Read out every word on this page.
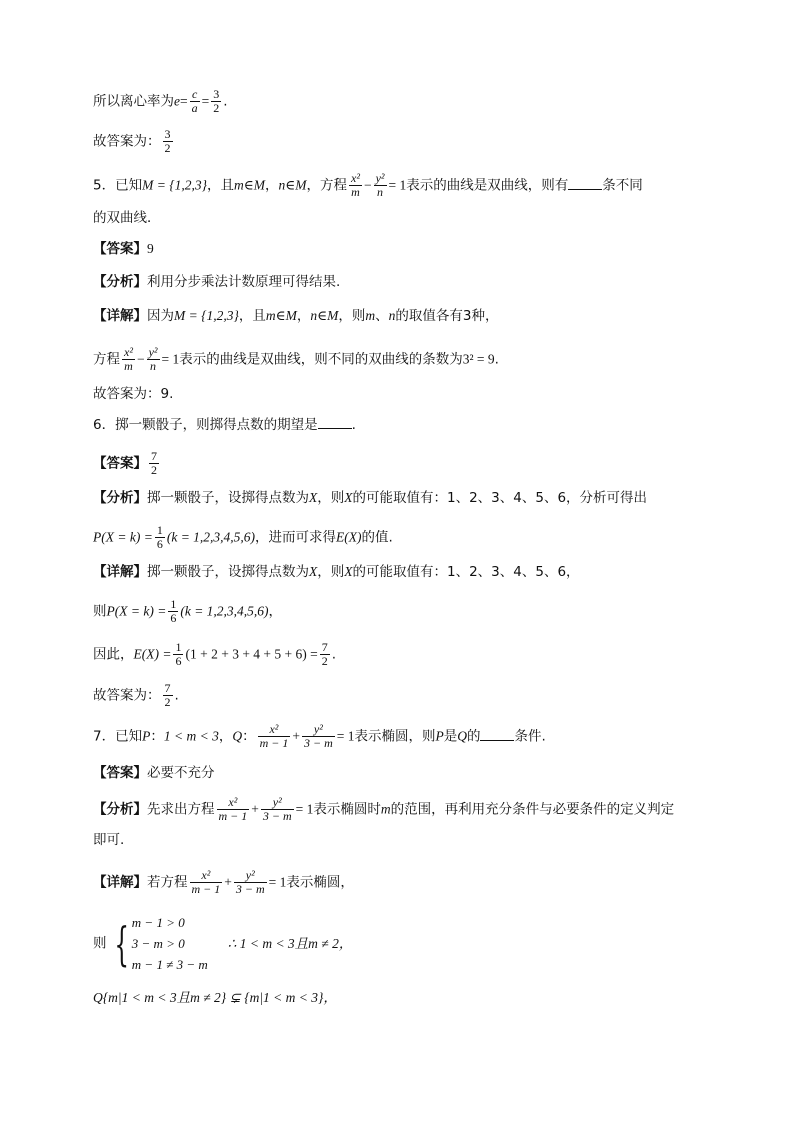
所以离心率为$e= \frac{c}{a} = \frac{3}{2}$ .
故答案为： $\frac{3}{2}$
5．已知M = {1,2,3}，且m∈M，n∈M，方程 $\frac{\text{x²}}{m} - \frac{\text{y²}}{n} = 1$表示的曲线是双曲线，则有	条不同
的双曲线．
【答案】9
【分析】利用分步乘法计数原理可得结果.
【详解】因为M = {1,2,3}，且m∈M，n∈M，则m、n的取值各有3种，
方程 $\frac{\text{x²}}{m} - \frac{\text{y²}}{n} = 1$表示的曲线是双曲线，则不同的双曲线的条数为3² = 9.
故答案为：9.
6．掷一颗骰子，则掷得点数的期望是	.
【答案】 $\frac{7}{2}$
【分析】掷一颗骰子，设掷得点数为X，则X的可能取值有：1、2、3、4、5、6，分析可得出
$P(X = k) = \frac{1}{6} (k = 1,2,3,4,5,6)$，进而可求得E(X)的值.
【详解】掷一颗骰子，设掷得点数为X，则X的可能取值有：1、2、3、4、5、6，
则$P(X = k) = \frac{1}{6} (k = 1,2,3,4,5,6)$，
因此，$E(X) = \frac{1}{6} (1 + 2 + 3 + 4 + 5 + 6) = \frac{7}{2}$ .
故答案为： $\frac{7}{2}$ .
7．已知P：1 < m < 3，Q： $\frac{\text{x²}}{m - 1} + \frac{\text{y²}}{3 - m} = 1$表示椭圆，则P是Q的	条件.
【答案】必要不充分
【分析】先求出方程 $\frac{\text{x²}}{m - 1} + \frac{\text{y²}}{3 - m} = 1$表示椭圆时m的范围，再利用充分条件与必要条件的定义判定
即可.
【详解】若方程 $\frac{\text{x²}}{m - 1} + \frac{\text{y²}}{3 - m} = 1$表示椭圆，
则 { m − 1 > 0
3 − m > 0
m − 1 ≠ 3 − m
∴ 1 < m < 3且m ≠ 2，
Q{m|1 < m < 3且m ≠ 2} ⊊ {m|1 < m < 3}，
